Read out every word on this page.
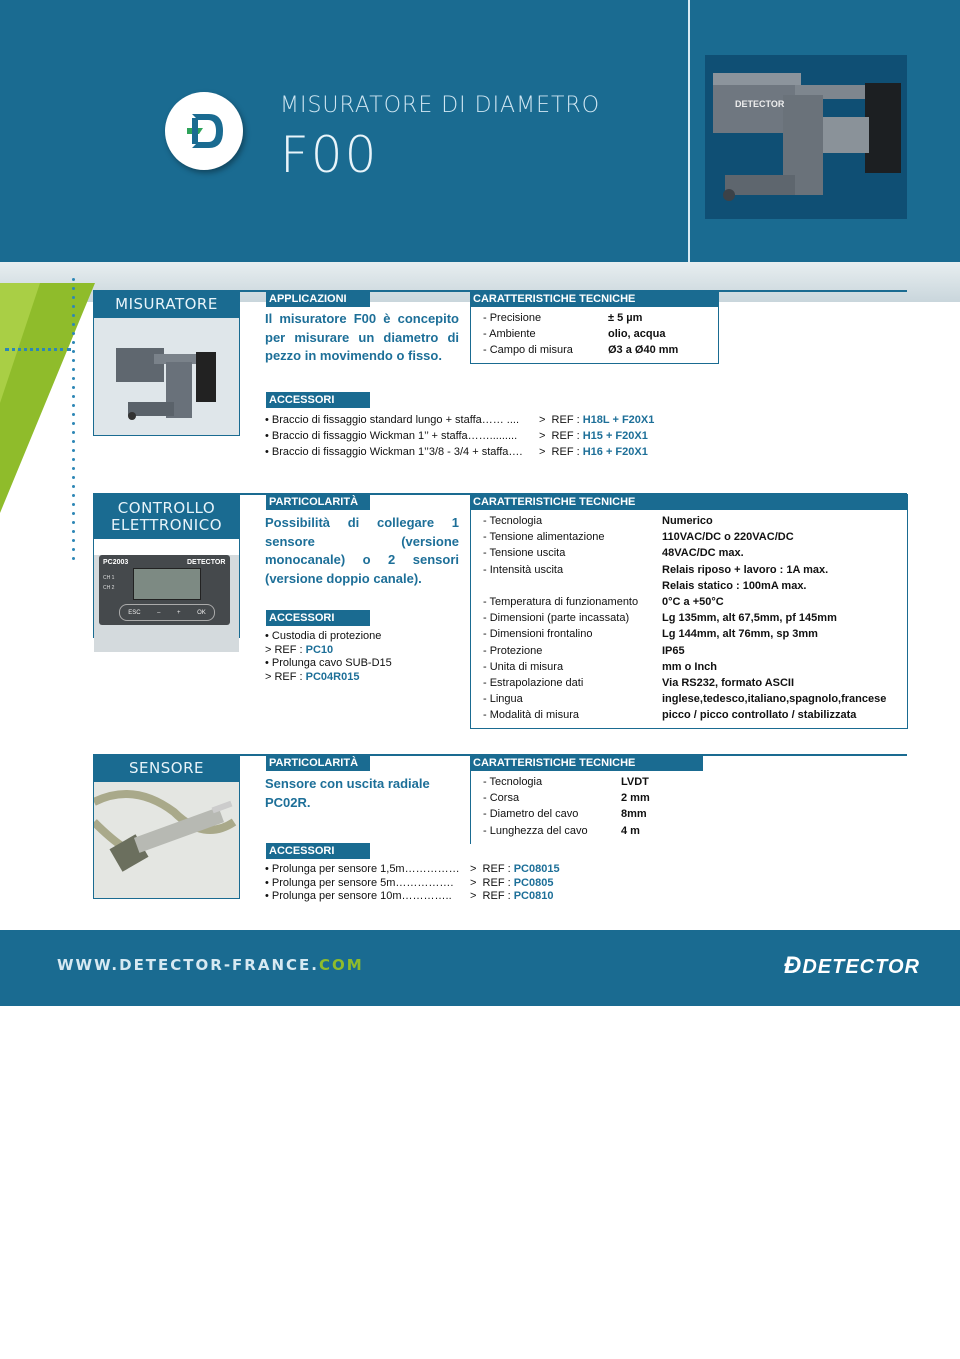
MISURATORE DI DIAMETRO
F00
DETECTOR
MISURATORE	APPLICAZIONI
Il misuratore F00 è concepito per misurare un diametro di pezzo in movimendo o fisso.
CARATTERISTICHE TECNICHE
- Precisione	± 5 µm
- Ambiente	olio, acqua
- Campo di misura	Ø3 a Ø40 mm
ACCESSORI
• Braccio di fissaggio standard lungo + staffa…… .... >  REF : H18L + F20X1
• Braccio di fissaggio Wickman 1’’ + staffa……......... >  REF : H15 + F20X1
• Braccio di fissaggio Wickman 1’’3/8 - 3/4 + staffa…. >  REF : H16 + F20X1
CONTROLLO
ELETTRONICO
PC2003	DETECTOR
CH 1
CH 2
ESC	–	+	OK
PARTICOLARITÀ
Possibilità di collegare 1 sensore (versione monocanale) o 2 sensori (versione doppio canale).
ACCESSORI
• Custodia di protezione
> REF : PC10
• Prolunga cavo SUB-D15
> REF : PC04R015
CARATTERISTICHE TECNICHE
- Tecnologia	Numerico
- Tensione alimentazione	110VAC/DC o 220VAC/DC
- Tensione uscita	48VAC/DC max.
- Intensità uscita	Relais riposo + lavoro : 1A max.
Relais statico : 100mA max.
- Temperatura di funzionamento	0°C a +50°C
- Dimensioni (parte incassata)	Lg 135mm, alt 67,5mm, pf 145mm
- Dimensioni frontalino	Lg 144mm, alt 76mm, sp 3mm
- Protezione	IP65
- Unita di misura	mm o Inch
- Estrapolazione dati	Via RS232, formato ASCII
- Lingua	inglese,tedesco,italiano,spagnolo,francese
- Modalità di misura	picco / picco controllato / stabilizzata
SENSORE	PARTICOLARITÀ
Sensore con uscita radiale PC02R.
CARATTERISTICHE TECNICHE
- Tecnologia	LVDT
- Corsa	2 mm
- Diametro del cavo	8mm
- Lunghezza del cavo	4 m
ACCESSORI
• Prolunga per sensore 1,5m…………… >  REF : PC08015
• Prolunga per sensore 5m……………. >  REF : PC0805
• Prolunga per sensore 10m………….. >  REF : PC0810
WWW.DETECTOR-FRANCE.COM	ĐDETECTOR
